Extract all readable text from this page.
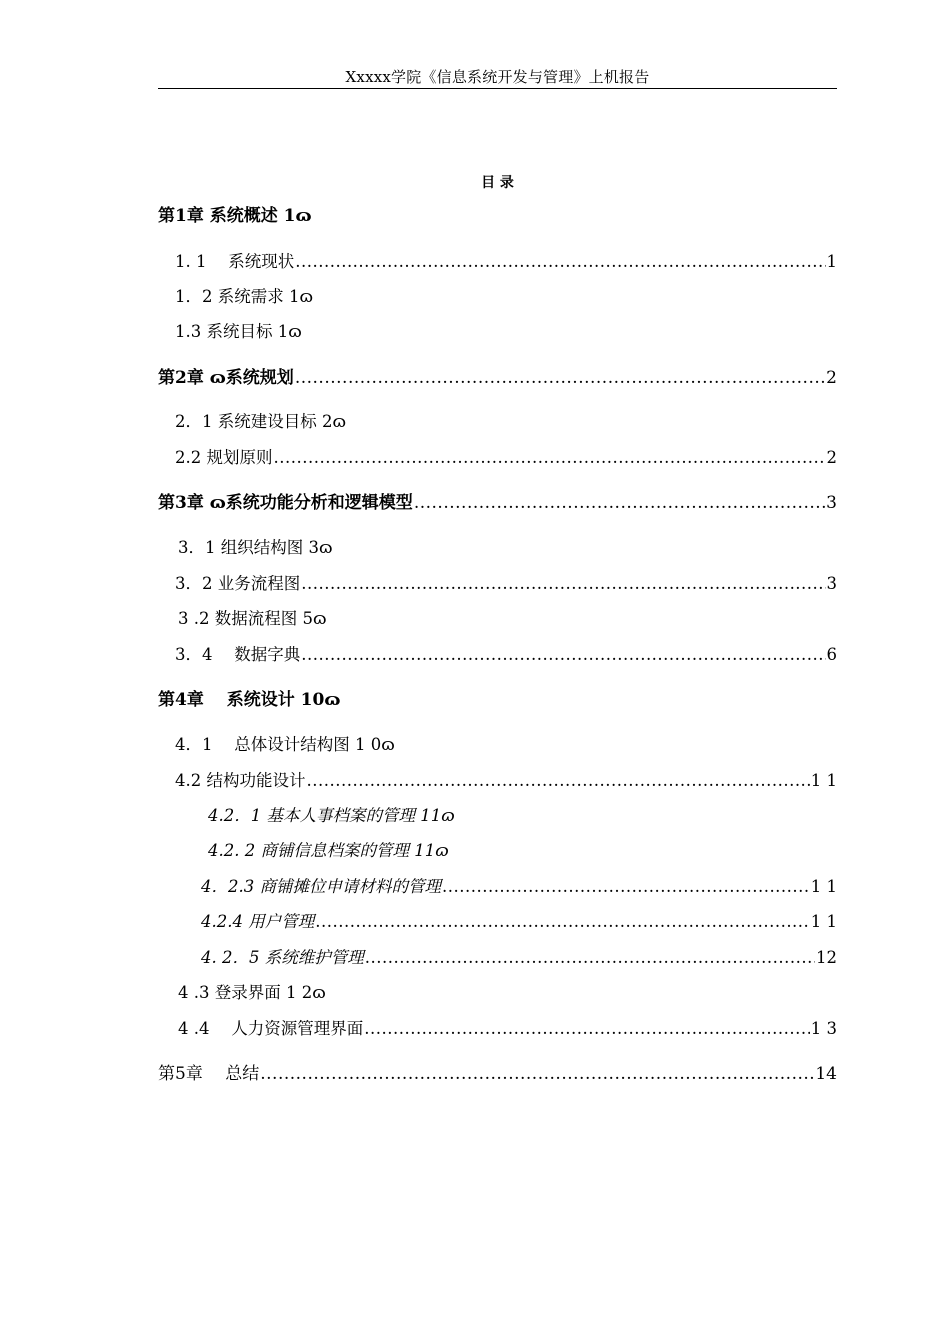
Xxxxx学院《信息系统开发与管理》上机报告
目 录
第1章 系统概述 1 ɷ
1. 1　 系统现状 .....	1
1．2 系统需求 1 ɷ
1.3 系统目标 1 ɷ
第2章 ɷ系统规划 .....	2
2．1 系统建设目标 2 ɷ
2.2 规划原则 .....	2
第3章 ɷ系统功能分析和逻辑模型 .....	3
3．1 组织结构图 3 ɷ
3．2 业务流程图 .....	3
3 .2 数据流程图 5 ɷ
3．4　 数据字典 .....	6
第4章　 系统设计 10 ɷ
4．1　 总体设计结构图 1 0 ɷ
4.2 结构功能设计 .....	1 1
4.2．1 基本人事档案的管理 11 ɷ
4.2. 2 商铺信息档案的管理 11 ɷ
4．2.3 商铺摊位申请材料的管理 .....	1 1
4.2.4 用户管理 .....	1 1
4. 2．5 系统维护管理 .....	12
4 .3 登录界面 1 2 ɷ
4 .4　 人力资源管理界面 .....	1 3
第5章　 总结 .....	14
